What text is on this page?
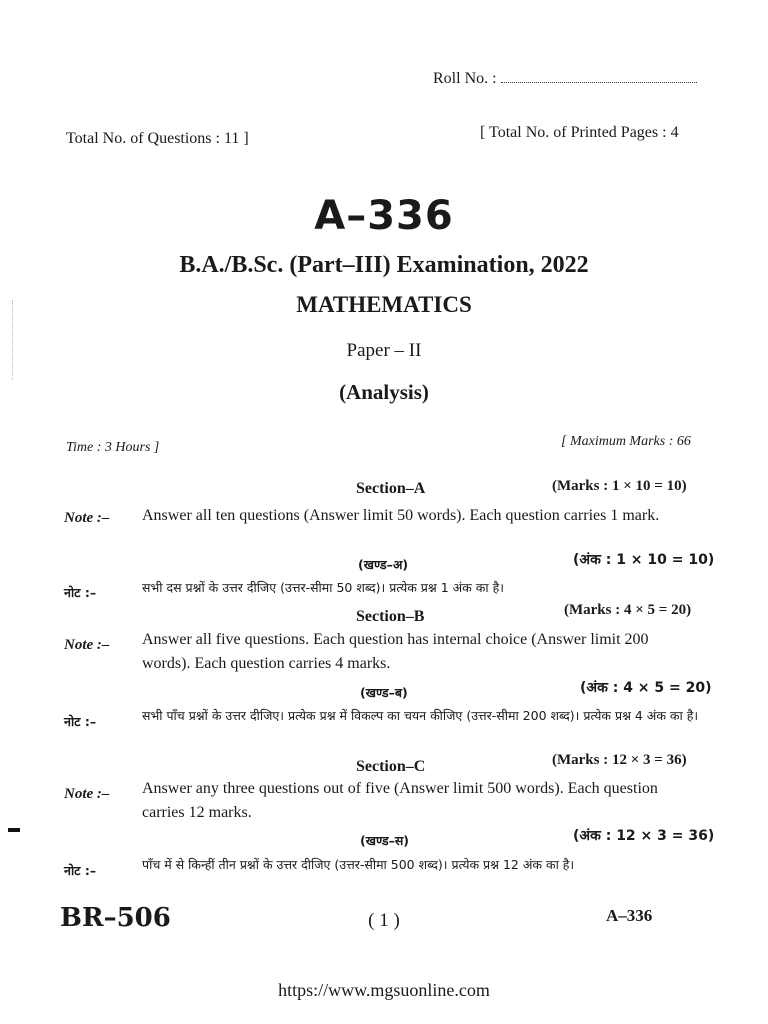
Roll No. :
Total No. of Questions : 11 ]	[ Total No. of Printed Pages : 4
A–336
B.A./B.Sc. (Part–III) Examination, 2022
MATHEMATICS
Paper – II
(Analysis)
Time : 3 Hours ]	[ Maximum Marks : 66
Section–A	(Marks : 1 × 10 = 10)
Note :– Answer all ten questions (Answer limit 50 words). Each question carries 1 mark.
(खण्ड–अ)	(अंक : 1 × 10 = 10)
नोट :–	सभी दस प्रश्नों के उत्तर दीजिए (उत्तर-सीमा 50 शब्द)। प्रत्येक प्रश्न 1 अंक का है।
Section–B	(Marks : 4 × 5 = 20)
Note :– Answer all five questions. Each question has internal choice (Answer limit 200 words). Each question carries 4 marks.
(खण्ड–ब)	(अंक : 4 × 5 = 20)
नोट :–	सभी पाँच प्रश्नों के उत्तर दीजिए। प्रत्येक प्रश्न में विकल्प का चयन कीजिए (उत्तर-सीमा 200 शब्द)। प्रत्येक प्रश्न 4 अंक का है।
Section–C	(Marks : 12 × 3 = 36)
Note :– Answer any three questions out of five (Answer limit 500 words). Each question carries 12 marks.
(खण्ड–स)	(अंक : 12 × 3 = 36)
नोट :–	पाँच में से किन्हीं तीन प्रश्नों के उत्तर दीजिए (उत्तर-सीमा 500 शब्द)। प्रत्येक प्रश्न 12 अंक का है।
BR–506	( 1 )	A–336
https://www.mgsuonline.com
